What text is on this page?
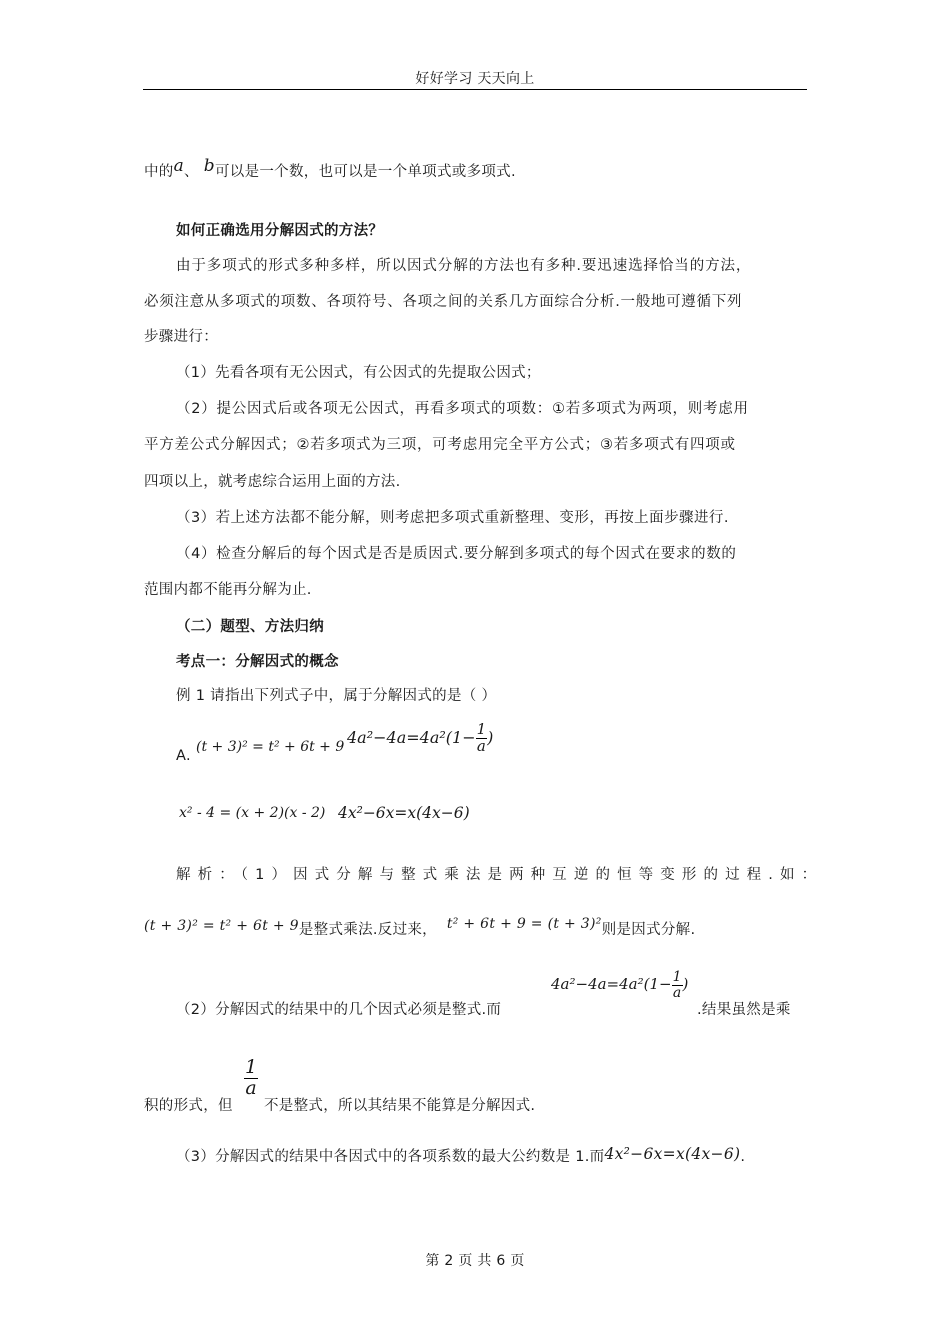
好好学习 天天向上
中的a、 b可以是一个数，也可以是一个单项式或多项式.
如何正确选用分解因式的方法？
由于多项式的形式多种多样，所以因式分解的方法也有多种.要迅速选择恰当的方法，
必须注意从多项式的项数、各项符号、各项之间的关系几方面综合分析.一般地可遵循下列
步骤进行：
（1）先看各项有无公因式，有公因式的先提取公因式；
（2）提公因式后或各项无公因式，再看多项式的项数：①若多项式为两项，则考虑用
平方差公式分解因式；②若多项式为三项，可考虑用完全平方公式；③若多项式有四项或
四项以上，就考虑综合运用上面的方法.
（3）若上述方法都不能分解，则考虑把多项式重新整理、变形，再按上面步骤进行.
（4）检查分解后的每个因式是否是质因式.要分解到多项式的每个因式在要求的数的
范围内都不能再分解为止.
（二）题型、方法归纳
考点一：分解因式的概念
例 1 请指出下列式子中，属于分解因式的是（ ）
A.
(t + 3)² = t² + 6t + 9
$4a^2-4a=4a^2(1- \frac{1}{a}$ )
x² - 4 = (x + 2)(x - 2) 4x²−6x=x(4x−6)
解析：（1）因式分解与整式乘法是两种互逆的恒等变形的过程.如：
(t + 3)² = t² + 6t + 9是整式乘法.反过来， t² + 6t + 9 = (t + 3)²则是因式分解.
（2）分解因式的结果中的几个因式必须是整式.而
$4a^2-4a=4a^2(1- \frac{1}{a}$ )
.结果虽然是乘
$\frac{1}{a}$
积的形式，但 不是整式，所以其结果不能算是分解因式.
（3）分解因式的结果中各因式中的各项系数的最大公约数是 1.而4x²−6x=x(4x−6).
第 2 页 共 6 页
